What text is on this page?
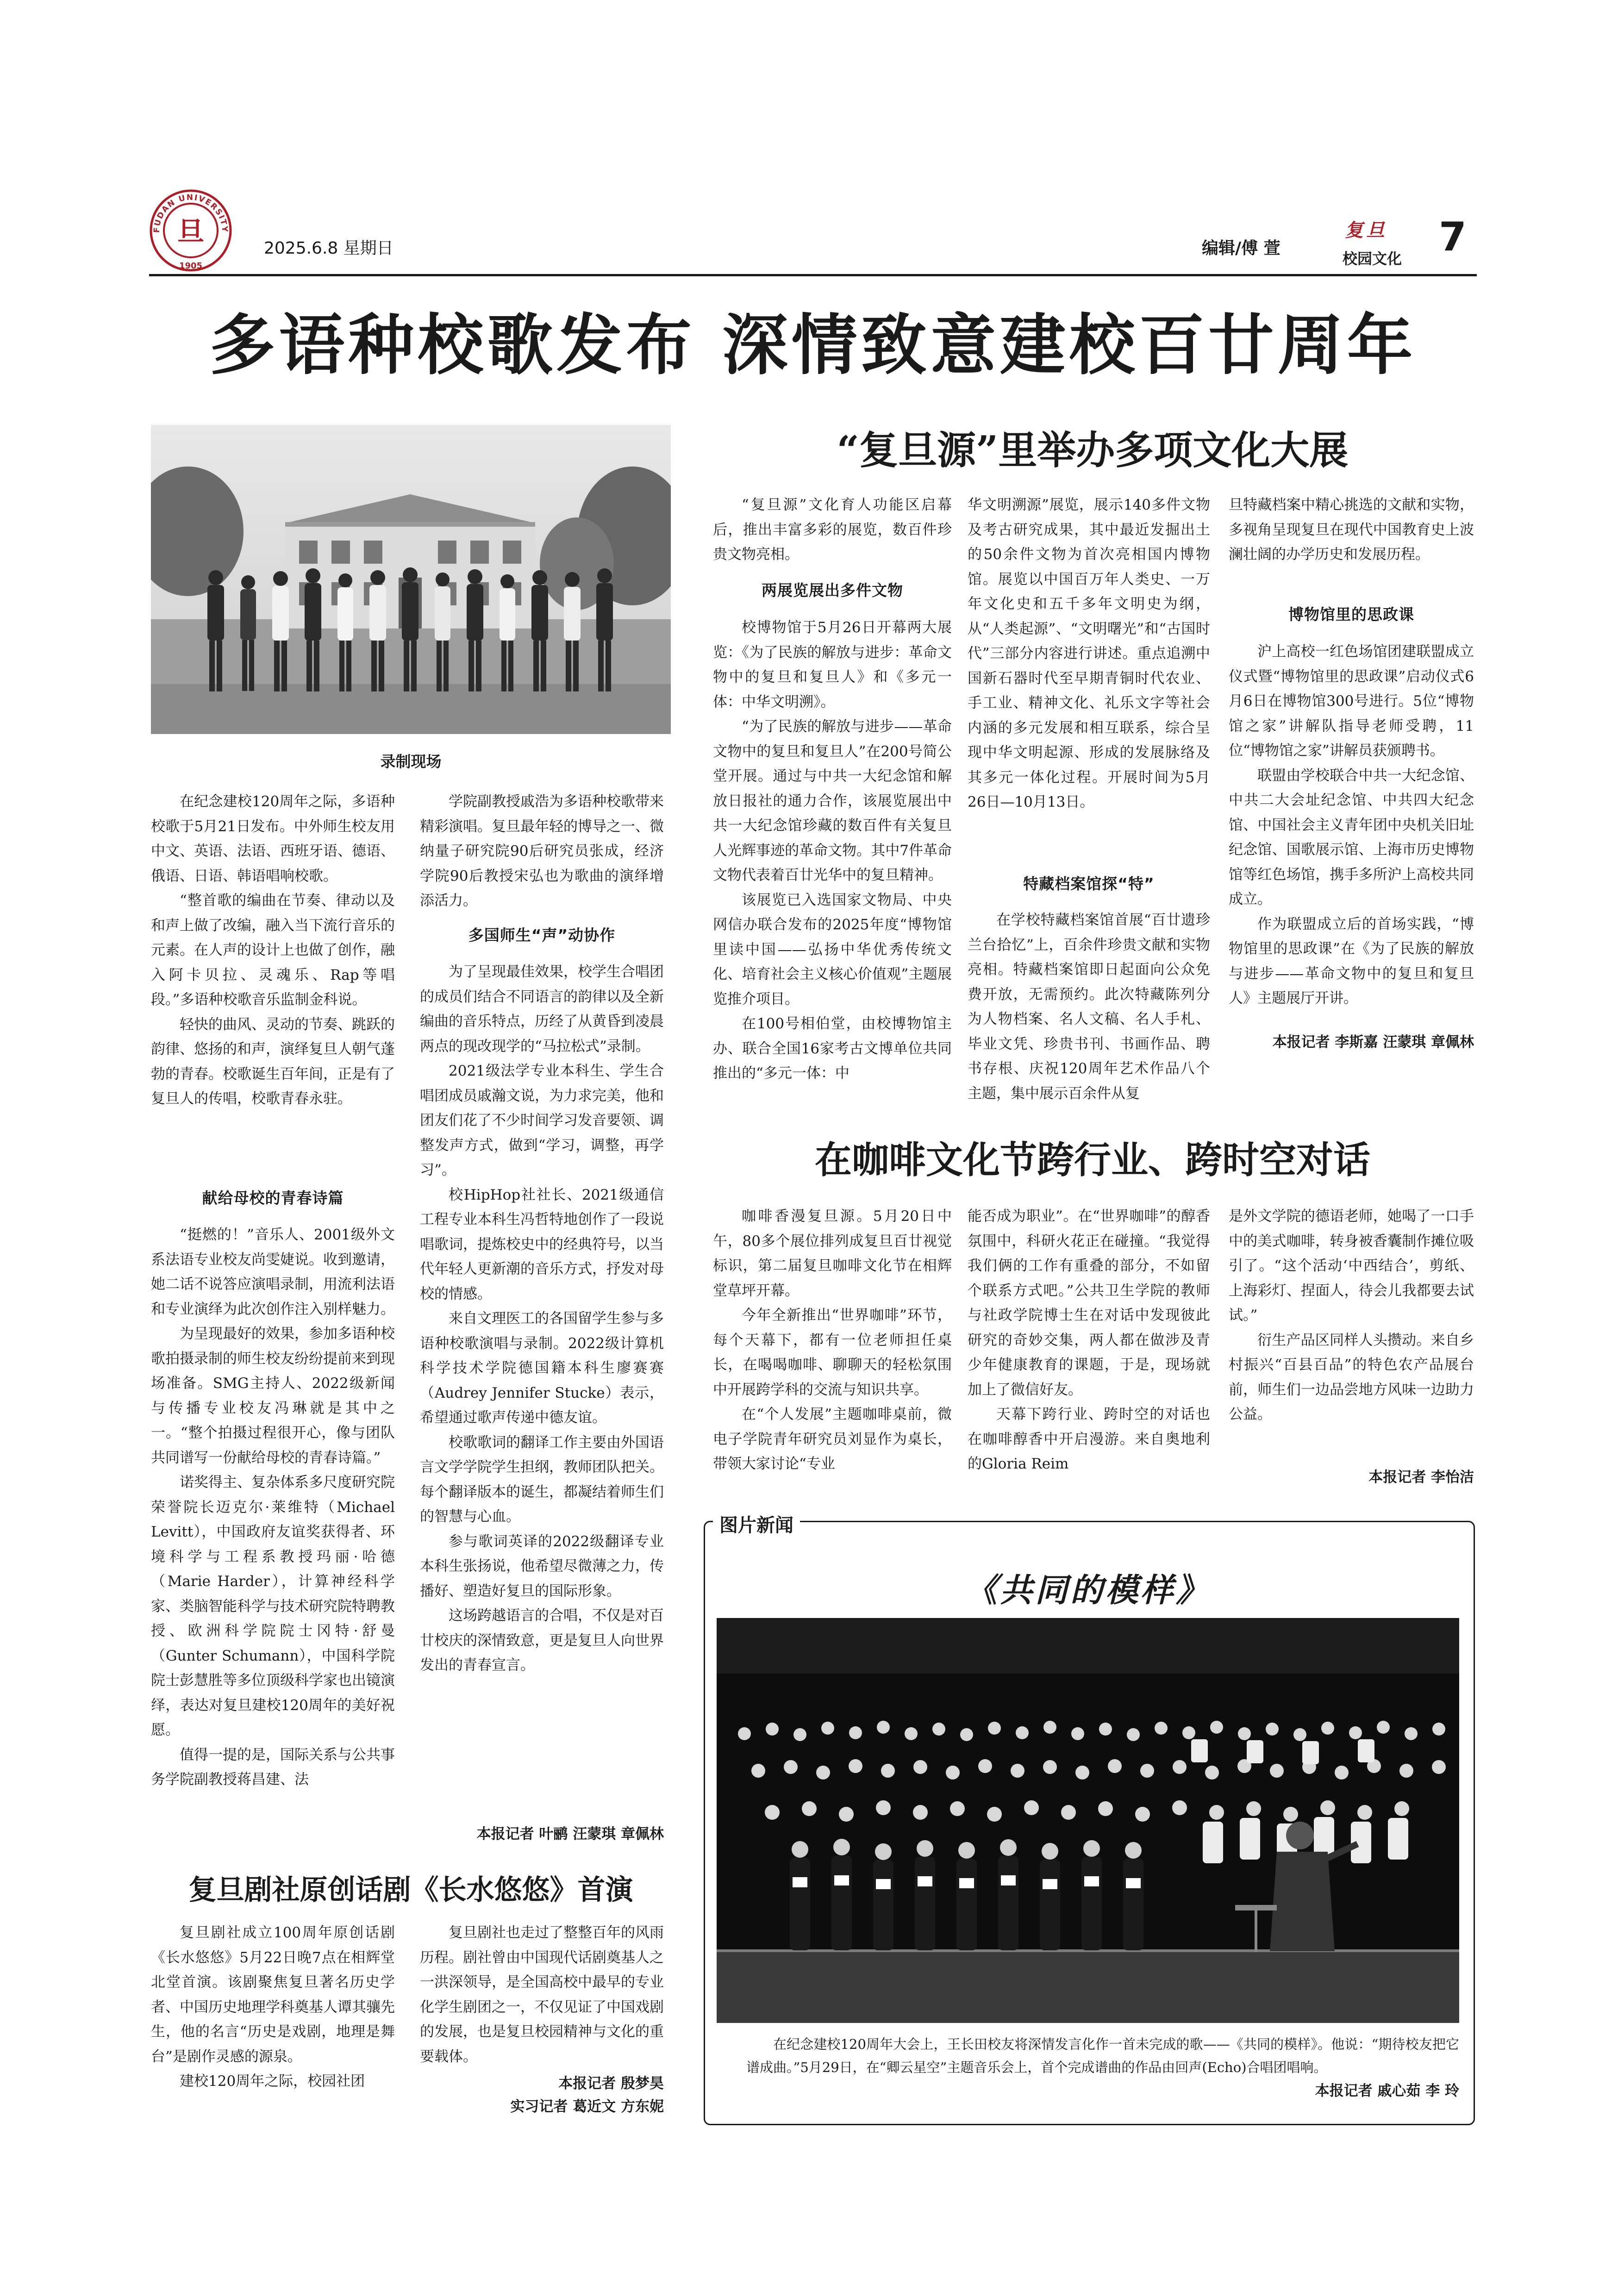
FUDAN UNIVERSITY
旦
1905
2025.6.8 星期日	编辑/傅 萱
复旦
校园文化 7
多语种校歌发布 深情致意建校百廿周年
录制现场

在纪念建校120周年之际，多语种校歌于5月21日发布。中外师生校友用中文、英语、法语、西班牙语、德语、俄语、日语、韩语唱响校歌。

“整首歌的编曲在节奏、律动以及和声上做了改编，融入当下流行音乐的元素。在人声的设计上也做了创作，融入阿卡贝拉、灵魂乐、Rap等唱段。”多语种校歌音乐监制金科说。

轻快的曲风、灵动的节奏、跳跃的韵律、悠扬的和声，演绎复旦人朝气蓬勃的青春。校歌诞生百年间，正是有了复旦人的传唱，校歌青春永驻。

献给母校的青春诗篇

“挺燃的！”音乐人、2001级外文系法语专业校友尚雯婕说。收到邀请，她二话不说答应演唱录制，用流利法语和专业演绎为此次创作注入别样魅力。

为呈现最好的效果，参加多语种校歌拍摄录制的师生校友纷纷提前来到现场准备。SMG主持人、2022级新闻与传播专业校友冯琳就是其中之一。“整个拍摄过程很开心，像与团队共同谱写一份献给母校的青春诗篇。”

诺奖得主、复杂体系多尺度研究院荣誉院长迈克尔·莱维特（Michael Levitt），中国政府友谊奖获得者、环境科学与工程系教授玛丽·哈德（Marie Harder），计算神经科学家、类脑智能科学与技术研究院特聘教授、欧洲科学院院士冈特·舒曼（Gunter Schumann），中国科学院院士彭慧胜等多位顶级科学家也出镜演绎，表达对复旦建校120周年的美好祝愿。

值得一提的是，国际关系与公共事务学院副教授蒋昌建、法

学院副教授戚浩为多语种校歌带来精彩演唱。复旦最年轻的博导之一、微纳量子研究院90后研究员张成，经济学院90后教授宋弘也为歌曲的演绎增添活力。

多国师生“声”动协作

为了呈现最佳效果，校学生合唱团的成员们结合不同语言的韵律以及全新编曲的音乐特点，历经了从黄昏到凌晨两点的现改现学的“马拉松式”录制。

2021级法学专业本科生、学生合唱团成员戚瀚文说，为力求完美，他和团友们花了不少时间学习发音要领、调整发声方式，做到“学习，调整，再学习”。

校HipHop社社长、2021级通信工程专业本科生冯哲特地创作了一段说唱歌词，提炼校史中的经典符号，以当代年轻人更新潮的音乐方式，抒发对母校的情感。

来自文理医工的各国留学生参与多语种校歌演唱与录制。2022级计算机科学技术学院德国籍本科生廖赛赛（Audrey Jennifer Stucke）表示，希望通过歌声传递中德友谊。

校歌歌词的翻译工作主要由外国语言文学学院学生担纲，教师团队把关。每个翻译版本的诞生，都凝结着师生们的智慧与心血。

参与歌词英译的2022级翻译专业本科生张扬说，他希望尽微薄之力，传播好、塑造好复旦的国际形象。

这场跨越语言的合唱，不仅是对百廿校庆的深情致意，更是复旦人向世界发出的青春宣言。

本报记者 叶鹂 汪蒙琪 章佩林
复旦剧社原创话剧《长水悠悠》首演

复旦剧社成立100周年原创话剧《长水悠悠》5月22日晚7点在相辉堂北堂首演。该剧聚焦复旦著名历史学者、中国历史地理学科奠基人谭其骧先生，他的名言“历史是戏剧，地理是舞台”是剧作灵感的源泉。

建校120周年之际，校园社团

复旦剧社也走过了整整百年的风雨历程。剧社曾由中国现代话剧奠基人之一洪深领导，是全国高校中最早的专业化学生剧团之一，不仅见证了中国戏剧的发展，也是复旦校园精神与文化的重要载体。

本报记者 殷梦昊
实习记者 葛近文 方东妮
“复旦源”里举办多项文化大展

“复旦源”文化育人功能区启幕后，推出丰富多彩的展览，数百件珍贵文物亮相。

两展览展出多件文物

校博物馆于5月26日开幕两大展览：《为了民族的解放与进步：革命文物中的复旦和复旦人》和《多元一体：中华文明溯》。

“为了民族的解放与进步——革命文物中的复旦和复旦人”在200号简公堂开展。通过与中共一大纪念馆和解放日报社的通力合作，该展览展出中共一大纪念馆珍藏的数百件有关复旦人光辉事迹的革命文物。其中7件革命文物代表着百廿光华中的复旦精神。

该展览已入选国家文物局、中央网信办联合发布的2025年度“博物馆里读中国——弘扬中华优秀传统文化、培育社会主义核心价值观”主题展览推介项目。

在100号相伯堂，由校博物馆主办、联合全国16家考古文博单位共同推出的“多元一体：中

华文明溯源”展览，展示140多件文物及考古研究成果，其中最近发掘出土的50余件文物为首次亮相国内博物馆。展览以中国百万年人类史、一万年文化史和五千多年文明史为纲，从“人类起源”、“文明曙光”和“古国时代”三部分内容进行讲述。重点追溯中国新石器时代至早期青铜时代农业、手工业、精神文化、礼乐文字等社会内涵的多元发展和相互联系，综合呈现中华文明起源、形成的发展脉络及其多元一体化过程。开展时间为5月26日—10月13日。

特藏档案馆探“特”

在学校特藏档案馆首展“百廿遗珍 兰台拾忆”上，百余件珍贵文献和实物亮相。特藏档案馆即日起面向公众免费开放，无需预约。此次特藏陈列分为人物档案、名人文稿、名人手札、毕业文凭、珍贵书刊、书画作品、聘书存根、庆祝120周年艺术作品八个主题，集中展示百余件从复

旦特藏档案中精心挑选的文献和实物，多视角呈现复旦在现代中国教育史上波澜壮阔的办学历史和发展历程。

博物馆里的思政课

沪上高校一红色场馆团建联盟成立仪式暨“博物馆里的思政课”启动仪式6月6日在博物馆300号进行。5位“博物馆之家”讲解队指导老师受聘，11位“博物馆之家”讲解员获颁聘书。

联盟由学校联合中共一大纪念馆、中共二大会址纪念馆、中共四大纪念馆、中国社会主义青年团中央机关旧址纪念馆、国歌展示馆、上海市历史博物馆等红色场馆，携手多所沪上高校共同成立。

作为联盟成立后的首场实践，“博物馆里的思政课”在《为了民族的解放与进步——革命文物中的复旦和复旦人》主题展厅开讲。

本报记者 李斯嘉 汪蒙琪 章佩林
在咖啡文化节跨行业、跨时空对话

咖啡香漫复旦源。5月20日中午，80多个展位排列成复旦百廿视觉标识，第二届复旦咖啡文化节在相辉堂草坪开幕。

今年全新推出“世界咖啡”环节，每个天幕下，都有一位老师担任桌长，在喝喝咖啡、聊聊天的轻松氛围中开展跨学科的交流与知识共享。

在“个人发展”主题咖啡桌前，微电子学院青年研究员刘显作为桌长，带领大家讨论“专业

能否成为职业”。在“世界咖啡”的醇香氛围中，科研火花正在碰撞。“我觉得我们俩的工作有重叠的部分，不如留个联系方式吧。”公共卫生学院的教师与社政学院博士生在对话中发现彼此研究的奇妙交集，两人都在做涉及青少年健康教育的课题，于是，现场就加上了微信好友。

天幕下跨行业、跨时空的对话也在咖啡醇香中开启漫游。来自奥地利的Gloria Reim

是外文学院的德语老师，她喝了一口手中的美式咖啡，转身被香囊制作摊位吸引了。“这个活动‘中西结合’，剪纸、上海彩灯、捏面人，待会儿我都要去试试。”

衍生产品区同样人头攒动。来自乡村振兴“百县百品”的特色农产品展台前，师生们一边品尝地方风味一边助力公益。

本报记者 李怡洁
图片新闻
《共同的模样》
在纪念建校120周年大会上，王长田校友将深情发言化作一首未完成的歌——《共同的模样》。他说：“期待校友把它谱成曲。”5月29日，在“卿云星空”主题音乐会上，首个完成谱曲的作品由回声(Echo)合唱团唱响。
本报记者 戚心茹 李 玲
